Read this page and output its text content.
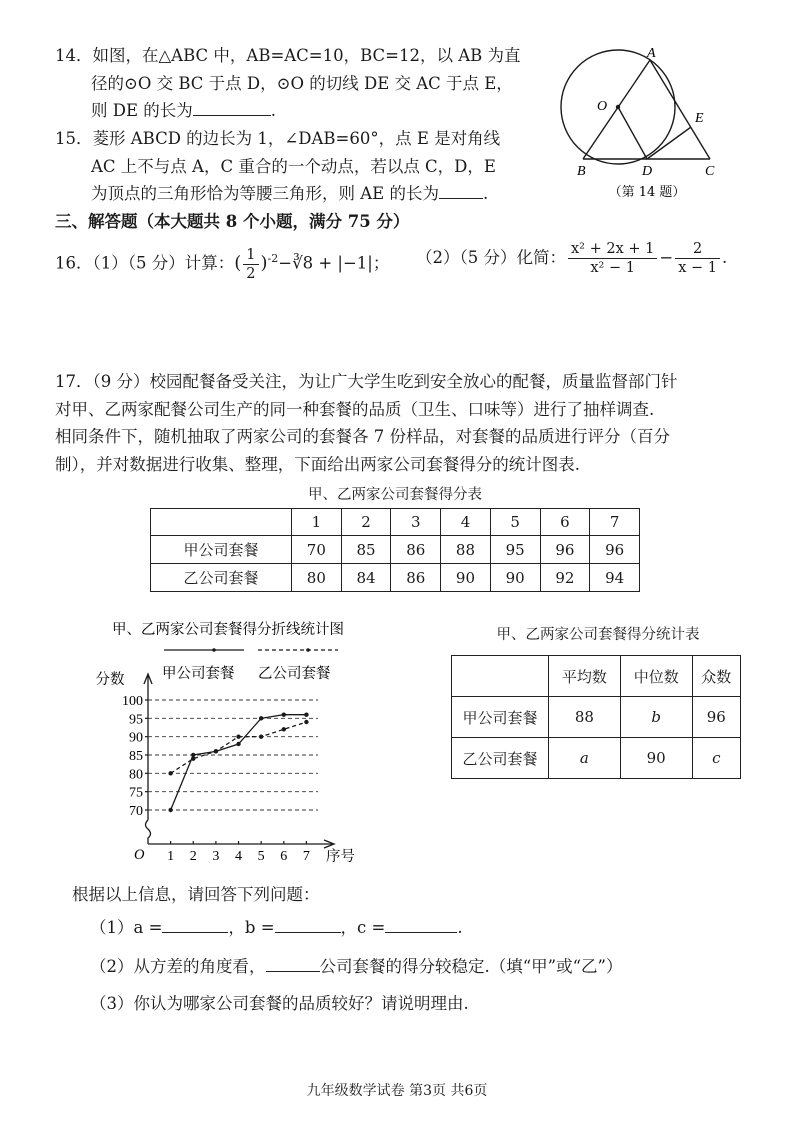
14．如图，在△ABC 中，AB=AC=10，BC=12，以 AB 为直
径的⊙O 交 BC 于点 D，⊙O 的切线 DE 交 AC 于点 E，
则 DE 的长为	.
A
O
E
B	D	C
（第 14 题）
15．菱形 ABCD 的边长为 1，∠DAB=60°，点 E 是对角线
AC 上不与点 A，C 重合的一个动点，若以点 C，D，E
为顶点的三角形恰为等腰三角形，则 AE 的长为	.
三、解答题（本大题共 8 个小题，满分 75 分）
16．（1）（5 分）计算：( $\frac{1}{2}$ )$^{-2}$−∛8 + |−1|； （2）（5 分）化简： $\frac{\text{x² + 2x + 1}}{\text{x² − 1}} - \frac{2}{x - 1}$ .
17．（9 分）校园配餐备受关注，为让广大学生吃到安全放心的配餐，质量监督部门针
对甲、乙两家配餐公司生产的同一种套餐的品质（卫生、口味等）进行了抽样调查.
相同条件下，随机抽取了两家公司的套餐各 7 份样品，对套餐的品质进行评分（百分
制），并对数据进行收集、整理，下面给出两家公司套餐得分的统计图表.
甲、乙两家公司套餐得分表
	1	2	3	4	5	6	7
甲公司套餐	70	85	86	88	95	96	96
乙公司套餐	80	84	86	90	90	92	94
甲、乙两家公司套餐得分折线统计图
甲公司套餐 乙公司套餐
分数
序号
O
70
75
80
85
90
95
100
1 2 3 4 5 6 7
甲、乙两家公司套餐得分统计表
	平均数	中位数	众数
甲公司套餐	88	b	96
乙公司套餐	a	90	c
根据以上信息，请回答下列问题：
（1）a =	，b =	，c =	.
（2）从方差的角度看，	公司套餐的得分较稳定.（填“甲”或“乙”）
（3）你认为哪家公司套餐的品质较好？请说明理由.
九年级数学试卷 第3页 共6页
